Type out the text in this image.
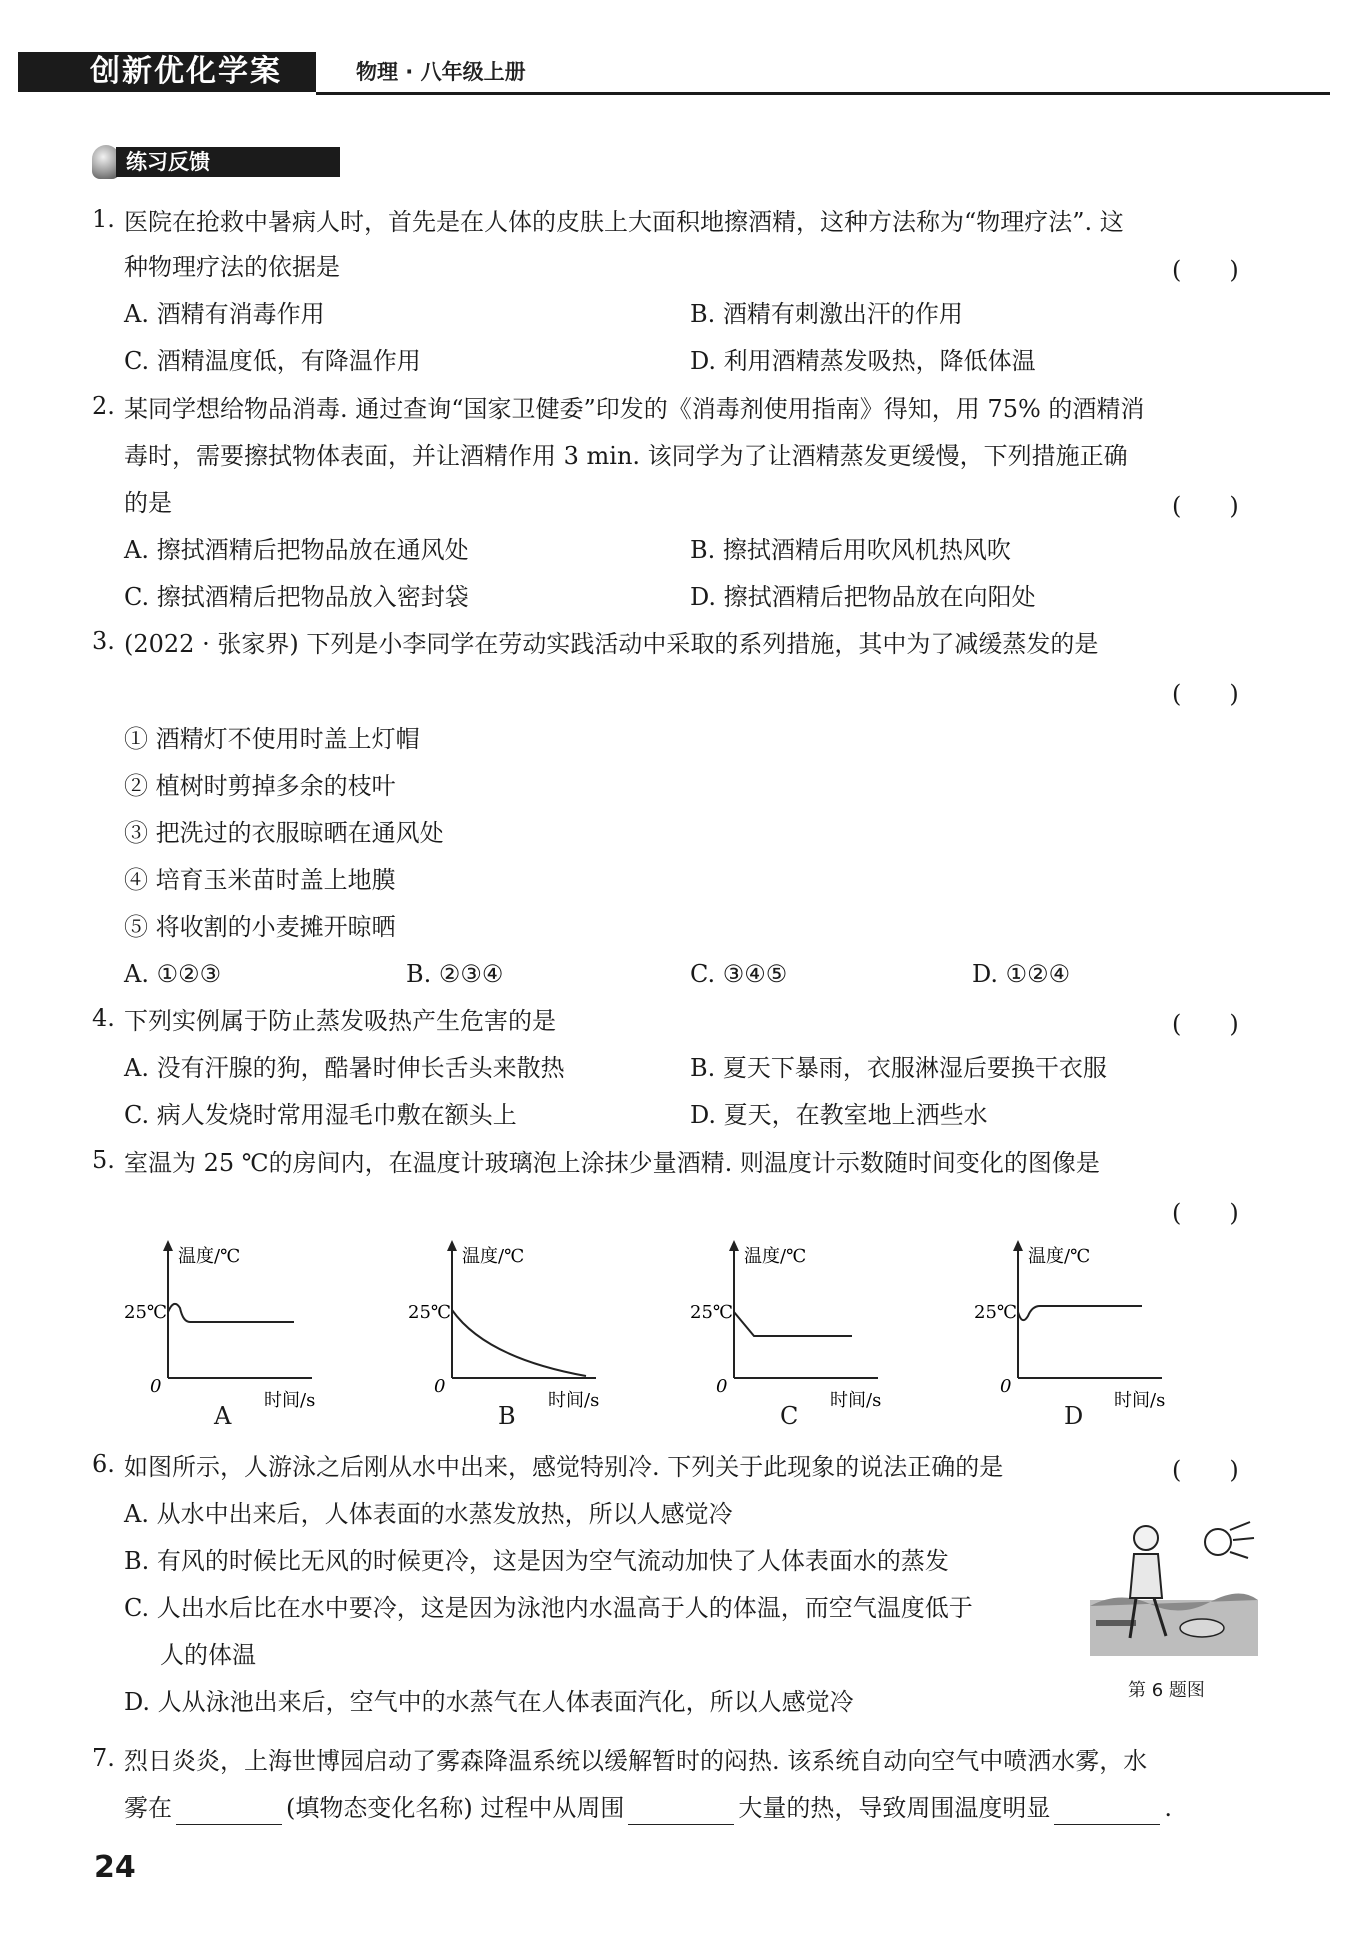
创新优化学案	物理 · 八年级上册
练习反馈
1. 医院在抢救中暑病人时，首先是在人体的皮肤上大面积地擦酒精，这种方法称为“物理疗法”. 这
种物理疗法的依据是	(　　)
A. 酒精有消毒作用	B. 酒精有刺激出汗的作用
C. 酒精温度低，有降温作用	D. 利用酒精蒸发吸热，降低体温
2. 某同学想给物品消毒. 通过查询“国家卫健委”印发的《消毒剂使用指南》得知，用 75% 的酒精消
毒时，需要擦拭物体表面，并让酒精作用 3 min. 该同学为了让酒精蒸发更缓慢，下列措施正确
的是	(　　)
A. 擦拭酒精后把物品放在通风处	B. 擦拭酒精后用吹风机热风吹
C. 擦拭酒精后把物品放入密封袋	D. 擦拭酒精后把物品放在向阳处
3. (2022 · 张家界) 下列是小李同学在劳动实践活动中采取的系列措施，其中为了减缓蒸发的是
(　　)
① 酒精灯不使用时盖上灯帽
② 植树时剪掉多余的枝叶
③ 把洗过的衣服晾晒在通风处
④ 培育玉米苗时盖上地膜
⑤ 将收割的小麦摊开晾晒
A. ①②③	B. ②③④	C. ③④⑤	D. ①②④
4. 下列实例属于防止蒸发吸热产生危害的是	(　　)
A. 没有汗腺的狗，酷暑时伸长舌头来散热	B. 夏天下暴雨，衣服淋湿后要换干衣服
C. 病人发烧时常用湿毛巾敷在额头上	D. 夏天，在教室地上洒些水
5. 室温为 25 ℃的房间内，在温度计玻璃泡上涂抹少量酒精. 则温度计示数随时间变化的图像是
(　　)
温度/℃
25℃
0
时间/s
A
温度/℃
25℃
0
时间/s
B
温度/℃
25℃
0
时间/s
C
温度/℃
25℃
0
时间/s
D
6. 如图所示，人游泳之后刚从水中出来，感觉特别冷. 下列关于此现象的说法正确的是	(　　)
A. 从水中出来后，人体表面的水蒸发放热，所以人感觉冷
B. 有风的时候比无风的时候更冷，这是因为空气流动加快了人体表面水的蒸发
C. 人出水后比在水中要冷，这是因为泳池内水温高于人的体温，而空气温度低于
人的体温
D. 人从泳池出来后，空气中的水蒸气在人体表面汽化，所以人感觉冷	第 6 题图
7. 烈日炎炎，上海世博园启动了雾森降温系统以缓解暂时的闷热. 该系统自动向空气中喷洒水雾，水
雾在	(填物态变化名称) 过程中从周围	大量的热，导致周围温度明显	.
24
